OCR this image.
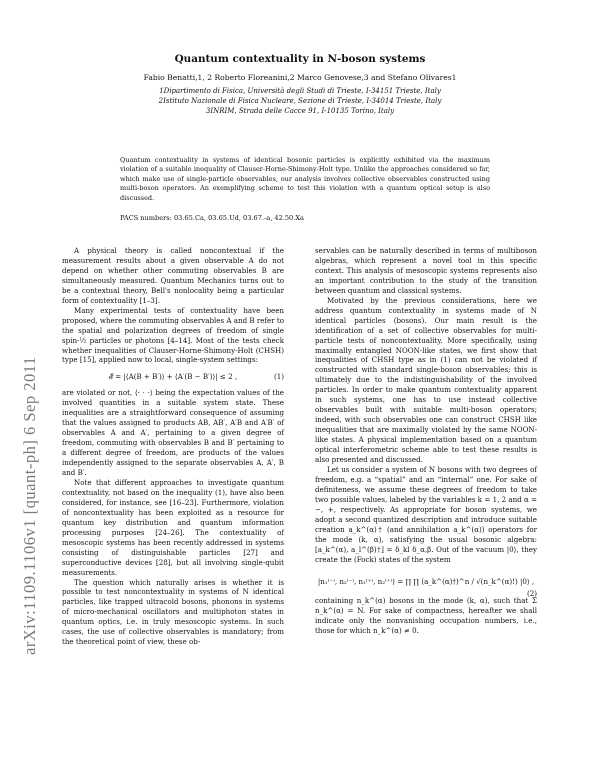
arXiv:1109.1106v1 [quant-ph] 6 Sep 2011
Quantum contextuality in N-boson systems
Fabio Benatti,1, 2 Roberto Floreanini,2 Marco Genovese,3 and Stefano Olivares1
1Dipartimento di Fisica, Università degli Studi di Trieste, I-34151 Trieste, Italy
2Istituto Nazionale di Fisica Nucleare, Sezione di Trieste, I-34014 Trieste, Italy
3INRIM, Strada delle Cacce 91, I-10135 Torino, Italy
Quantum contextuality in systems of identical bosonic particles is explicitly exhibited via the maximum violation of a suitable inequality of Clauser-Horne-Shimony-Holt type. Unlike the approaches considered so far, which make use of single-particle observables, our analysis involves collective observables constructed using multi-boson operators. An exemplifying scheme to test this violation with a quantum optical setup is also discussed.
PACS numbers: 03.65.Ca, 03.65.Ud, 03.67.-a, 42.50.Xa

A physical theory is called noncontextual if the measurement results about a given observable A do not depend on whether other commuting observables B are simultaneously measured. Quantum Mechanics turns out to be a contextual theory, Bell's nonlocality being a particular form of contextuality [1–3].

Many experimental tests of contextuality have been proposed, where the commuting observables A and B refer to the spatial and polarization degrees of freedom of single spin-½ particles or photons [4–14]. Most of the tests check whether inequalities of Clauser-Horne-Shimony-Holt (CHSH) type [15], applied now to local, single-system settings:

𝓔 = |⟨A(B + B′)⟩ + ⟨A′(B − B′)⟩| ≤ 2 ,	(1)

are violated or not, ⟨· · ·⟩ being the expectation values of the involved quantities in a suitable system state. These inequalities are a straightforward consequence of assuming that the values assigned to products AB, AB′, A′B and A′B′ of observables A and A′, pertaining to a given degree of freedom, commuting with observables B and B′ pertaining to a different degree of freedom, are products of the values independently assigned to the separate observables A, A′, B and B′.

Note that different approaches to investigate quantum contextuality, not based on the inequality (1), have also been considered, for instance, see [16–23]. Furthermore, violation of noncontextuality has been exploited as a resource for quantum key distribution and quantum information processing purposes [24–26]. The contextuality of mesoscopic systems has been recently addressed in systems consisting of distinguishable particles [27] and superconductive devices [28], but all involving single-qubit measurements.

The question which naturally arises is whether it is possible to test noncontextuality in systems of N identical particles, like trapped ultracold bosons, phonons in systems of micro-mechanical oscillators and multiphoton states in quantum optics, i.e. in truly mesoscopic systems. In such cases, the use of collective observables is mandatory; from the theoretical point of view, these ob-

servables can be naturally described in terms of multiboson algebras, which represent a novel tool in this specific context. This analysis of mesoscopic systems represents also an important contribution to the study of the transition between quantum and classical systems.

Motivated by the previous considerations, here we address quantum contextuality in systems made of N identical particles (bosons). Our main result is the identification of a set of collective observables for multi-particle tests of noncontextuality. More specifically, using maximally entangled NOON-like states, we first show that inequalities of CHSH type as in (1) can not be violated if constructed with standard single-boson observables; this is ultimately due to the indistinguishability of the involved particles. In order to make quantum contextuality apparent in such systems, one has to use instead collective observables built with suitable multi-boson operators; indeed, with such observables one can construct CHSH like inequalities that are maximally violated by the same NOON-like states. A physical implementation based on a quantum optical interferometric scheme able to test these results is also presented and discussed.

Let us consider a system of N bosons with two degrees of freedom, e.g. a “spatial” and an “internal” one. For sake of definiteness, we assume these degrees of freedom to take two possible values, labeled by the variables k = 1, 2 and α = −, +, respectively. As appropriate for boson systems, we adopt a second quantized description and introduce suitable creation a_k^(α)† (and annihilation a_k^(α)) operators for the mode (k, α), satisfying the usual bosonic algebra: [a_k^(α), a_l^(β)†] = δ_kl δ_α,β. Out of the vacuum |0⟩, they create the (Fock) states of the system

|n₁⁽⁻⁾, n₂⁽⁻⁾, n₁⁽⁺⁾, n₂⁽⁺⁾⟩ = ∏ ∏ (a_k^(α)†)^n / √(n_k^(α)!) |0⟩ ,
(2)

containing n_k^(α) bosons in the mode (k, α), such that Σ n_k^(α) = N. For sake of compactness, hereafter we shall indicate only the nonvanishing occupation numbers, i.e., those for which n_k^(α) ≠ 0.
